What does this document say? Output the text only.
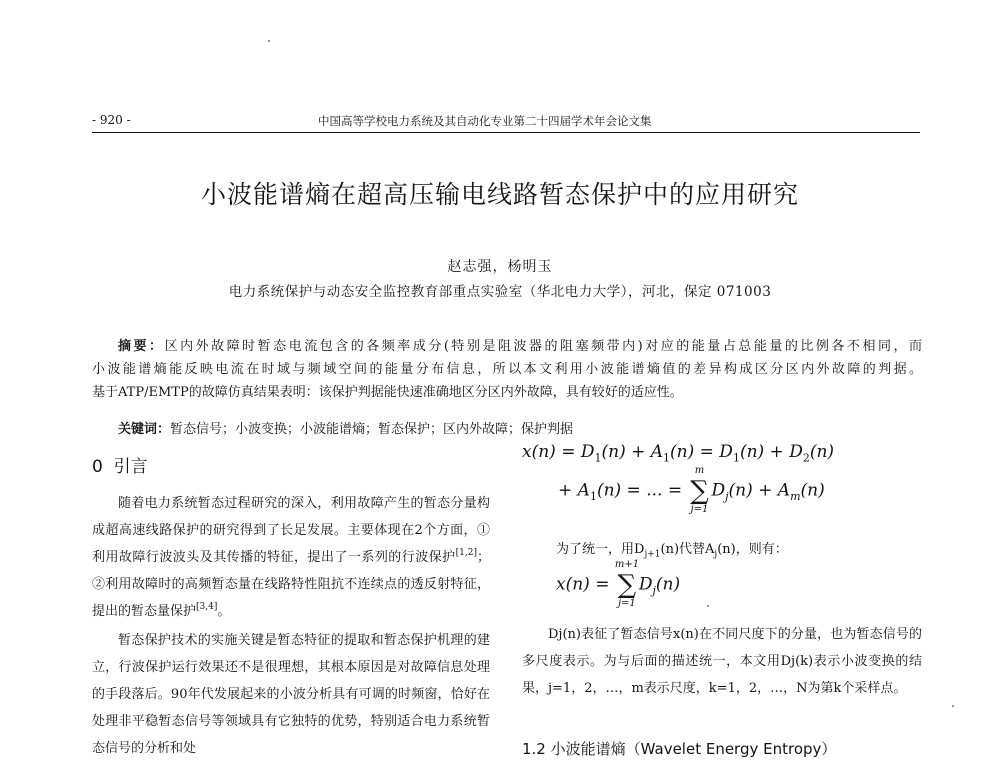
- 920 -	中国高等学校电力系统及其自动化专业第二十四届学术年会论文集
小波能谱熵在超高压输电线路暂态保护中的应用研究
赵志强，杨明玉
电力系统保护与动态安全监控教育部重点实验室（华北电力大学），河北，保定 071003

摘要：区内外故障时暂态电流包含的各频率成分(特别是阻波器的阻塞频带内)对应的能量占总能量的比例各不相同，而

小波能谱熵能反映电流在时域与频域空间的能量分布信息，所以本文利用小波能谱熵值的差异构成区分区内外故障的判据。

基于ATP/EMTP的故障仿真结果表明：该保护判据能快速准确地区分区内外故障，具有较好的适应性。

关键词：暂态信号；小波变换；小波能谱熵；暂态保护；区内外故障；保护判据
0 引言

随着电力系统暂态过程研究的深入，利用故障产生的暂态分量构成超高速线路保护的研究得到了长足发展。主要体现在2个方面，①利用故障行波波头及其传播的特征，提出了一系列的行波保护[1,2]；②利用故障时的高频暂态量在线路特性阻抗不连续点的透反射特征，提出的暂态量保护[3,4]。

暂态保护技术的实施关键是暂态特征的提取和暂态保护机理的建立，行波保护运行效果还不是很理想，其根本原因是对故障信息处理的手段落后。90年代发展起来的小波分析具有可调的时频窗，恰好在处理非平稳暂态信号等领域具有它独特的优势，特别适合电力系统暂态信号的分析和处

$x(n) = D_1(n) + A_1(n) = D_1(n) + D_2(n)$
+ $A_1(n)$ = ... =
m
∑
j=1
$D_j(n) + A_m(n)$
为了统一，用$D_{j+1}(n)$代替$A_j(n)$，则有：
x(n) =
m+1
∑
j=1
$D_j(n)$

Dj(n)表征了暂态信号x(n)在不同尺度下的分量，也为暂态信号的多尺度表示。为与后面的描述统一，本文用Dj(k)表示小波变换的结果，j=1，2，…，m表示尺度，k=1，2，…，N为第k个采样点。

1.2 小波能谱熵（Wavelet Energy Entropy）
